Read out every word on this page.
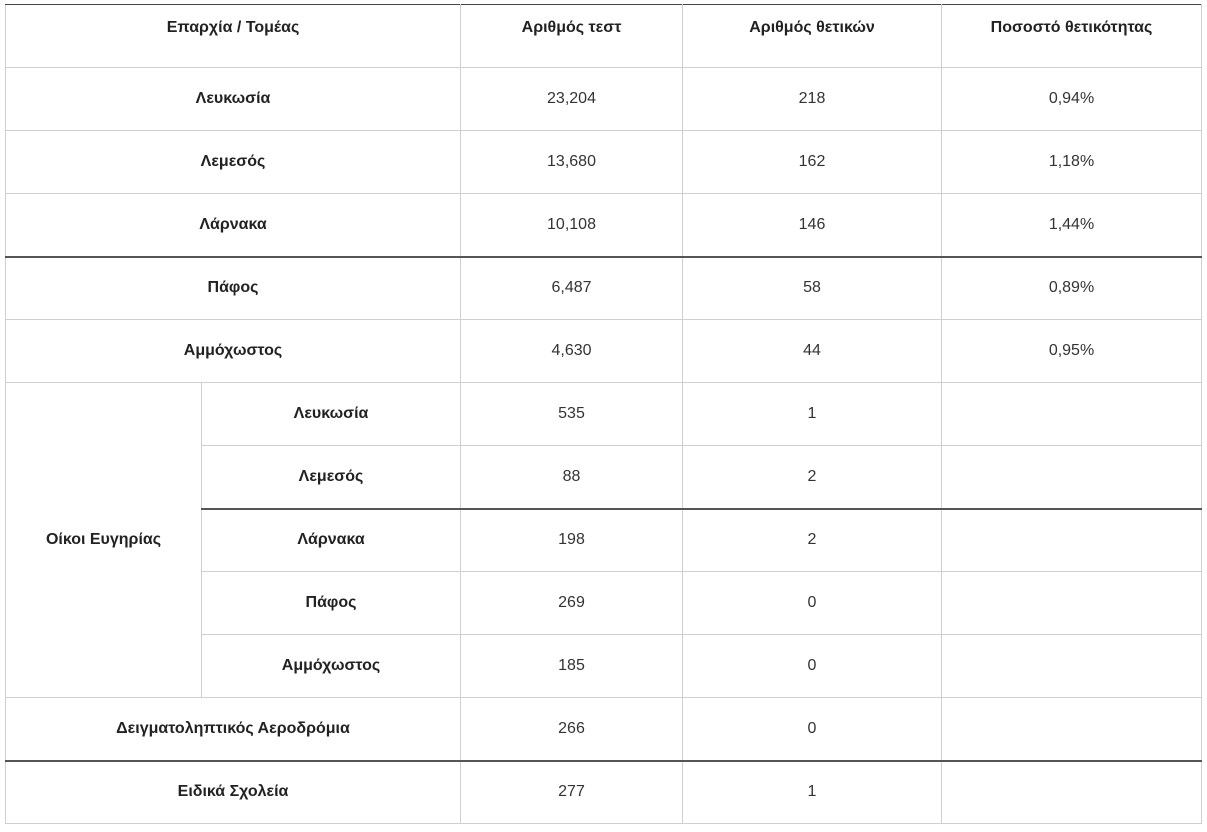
Επαρχία / Τομέας		Αριθμός τεστ	Αριθμός θετικών	Ποσοστό θετικότητας
Λευκωσία		23,204	218	0,94%
Λεμεσός		13,680	162	1,18%
Λάρνακα		10,108	146	1,44%
Πάφος		6,487	58	0,89%
Αμμόχωστος		4,630	44	0,95%
Οίκοι Ευγηρίας	Λευκωσία	535	1	
	Λεμεσός	88	2	
	Λάρνακα	198	2	
	Πάφος	269	0	
	Αμμόχωστος	185	0	
Δειγματοληπτικός Αεροδρόμια		266	0	
Ειδικά Σχολεία		277	1	
